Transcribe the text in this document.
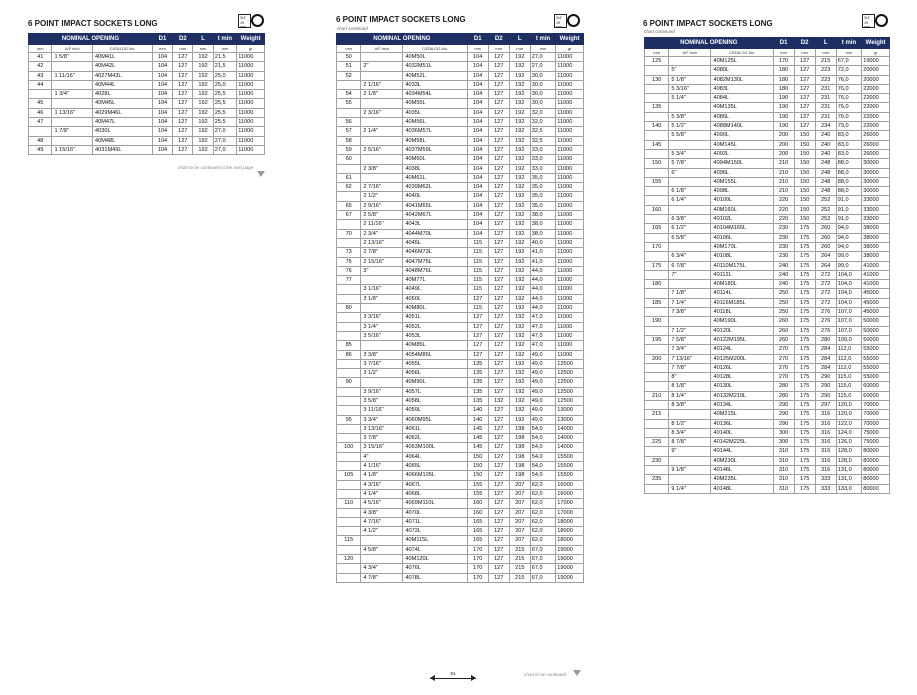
6 POINT IMPACT SOCKETS LONG
3/4"
19 mm
NOMINAL OPENING			D1	D2	L	t min	Weight
mm	A/F inch	CATALOG No.	mm	mm	mm	mm	gr
41	1 5/8"	40M41L	104	127	192	21,5	11000
42		40M42L	104	127	192	21,5	11000
43	1 11/16"	4027M43L	104	127	192	25,0	11000
44		40M44L	104	127	192	25,0	11000
	1 3/4"	4028L	104	127	192	25,5	11000
45		40M45L	104	127	192	25,5	11000
46	1 13/16"	4029M46L	104	127	192	25,5	11000
47		40M47L	104	127	192	25,5	11000
	1 7/8"	4030L	104	127	192	27,0	11000
48		40M48L	104	127	192	27,0	11000
49	1 15/16"	4031M49L	104	127	192	27,0	11000
chart to be continued in the next page
6 POINT IMPACT SOCKETS LONG
chart continued
3/4"
19 mm
NOMINAL OPENING			D1	D2	L	t min	Weight
mm	A/F inch	CATALOG No.	mm	mm	mm	mm	gr
50		40M50L	104	127	192	27,0	11000
51	2"	4032M51L	104	127	192	27,0	11000
52		40M52L	104	127	192	30,0	11000
	2 1/16"	4033L	104	127	192	30,0	11000
54	2 1/8"	4034M54L	104	127	192	30,0	11000
55		40M55L	104	127	192	30,0	11000
	2 3/16"	4035L	104	127	192	32,0	11000
56		40M56L	104	127	192	32,0	11000
57	2 1/4"	4036M57L	104	127	192	32,5	11000
58		40M58L	104	127	192	32,5	11000
59	2 5/16"	4037M59L	104	127	192	33,0	11000
60		40M60L	104	127	192	33,0	11000
	2 3/8"	4038L	104	127	192	33,0	11000
61		40M61L	104	127	192	35,0	11000
62	2 7/16"	4039M62L	104	127	192	35,0	11000
	2 1/2"	4040L	104	127	192	35,0	11000
65	2 9/16"	4041M65L	104	127	192	35,0	11000
67	2 5/8"	4042M67L	104	127	192	38,0	11000
	2 11/16"	4043L	104	127	192	38,0	11000
70	2 3/4"	4044M70L	104	127	192	38,0	11000
	2 13/16"	4045L	115	127	192	40,0	11000
73	2 7/8"	4046M73L	115	127	192	41,0	11000
75	2 15/16"	4047M75L	115	127	192	41,0	11000
76	3"	4048M76L	115	127	192	44,0	11000
77		40M77L	115	127	192	44,0	11000
	3 1/16"	4049L	115	127	192	44,0	11000
	3 1/8"	4050L	127	127	192	44,0	11000
80		40M80L	115	127	192	44,0	11000
	3 3/16"	4051L	127	127	192	47,0	11000
	3 1/4"	4052L	127	127	192	47,0	11000
	3 5/16"	4053L	127	127	192	47,0	11000
85		40M85L	127	127	192	47,0	11000
86	3 3/8"	4054M86L	127	127	192	49,0	11000
	3 7/16"	4055L	135	127	192	49,0	12500
	3 1/2"	4056L	135	127	192	49,0	12500
90		40M90L	135	127	192	49,0	12500
	3 9/16"	4057L	135	127	192	49,0	12500
	3 5/8"	4058L	135	132	192	49,0	12500
	3 11/16"	4059L	140	127	192	49,0	13000
95	3 3/4"	4060M95L	140	127	192	49,0	13000
	3 13/16"	4061L	145	127	198	54,0	14000
	3 7/8"	4062L	145	127	198	54,0	14000
100	3 15/16"	4063M100L	145	127	198	54,0	14000
	4"	4064L	150	127	198	54,0	15500
	4 1/16"	4065L	150	127	198	54,0	15500
105	4 1/8"	4066M105L	150	127	198	54,0	15500
	4 3/16"	4067L	155	127	207	62,0	16000
	4 1/4"	4068L	155	127	207	62,0	16000
110	4 5/16"	4069M110L	160	127	207	62,0	17000
	4 3/8"	4070L	160	127	207	62,0	17000
	4 7/16"	4071L	165	127	207	62,0	18000
	4 1/2"	4072L	165	127	207	62,0	18000
115		40M115L	165	127	207	62,0	18000
	4 5/8"	4074L	170	127	215	67,0	19000
120		40M120L	170	127	215	67,0	19000
	4 3/4"	4076L	170	127	215	67,0	19000
	4 7/8"	4078L	170	127	215	67,0	19000
91	chart to be continued
6 POINT IMPACT SOCKETS LONG
chart continued
3/4"
19 mm
NOMINAL OPENING			D1	D2	L	t min	Weight
mm	A/F inch	CATALOG No.	mm	mm	mm	mm	gr
125		40M125L	170	127	215	67,0	19000
	5"	4080L	180	127	223	72,0	20000
130	5 1/8"	4082M130L	180	127	223	76,0	20000
	5 3/16"	4083L	180	127	231	76,0	22000
	5 1/4"	4084L	190	127	231	76,0	22000
135		40M135L	190	127	231	76,0	22000
	5 3/8"	4086L	190	127	231	76,0	22000
140	5 1/2"	4088M140L	190	127	234	79,0	22000
	5 5/8"	4090L	200	150	240	83,0	26000
145		40M145L	200	150	240	83,0	26000
	5 3/4"	4092L	200	150	240	83,0	26000
150	5 7/8"	4094M150L	210	150	248	88,0	30000
	6"	4096L	210	150	248	88,0	30000
155		40M155L	210	150	248	88,0	30000
	6 1/8"	4098L	210	150	248	88,0	30000
	6 1/4"	40100L	220	150	252	91,0	33000
160		40M160L	220	150	252	91,0	33000
	6 3/8"	40102L	220	150	252	91,0	33000
165	6 1/2"	40104M165L	230	175	260	94,0	38000
	6 5/8"	40106L	230	175	260	94,0	38000
170		40M170L	230	175	260	94,0	38000
	6 3/4"	40108L	230	175	264	99,0	38000
175	6 7/8"	40110M175L	240	175	264	99,0	41000
	7"	40112L	240	175	272	104,0	41000
180		40M180L	240	175	272	104,0	41000
	7 1/8"	40114L	250	175	272	104,0	45000
185	7 1/4"	40116M185L	250	175	272	104,0	45000
	7 3/8"	40118L	250	175	276	107,0	45000
190		40M190L	260	175	276	107,0	50000
	7 1/2"	40120L	260	175	276	107,0	50000
195	7 5/8"	40122M195L	260	175	280	109,0	50000
	7 3/4"	40124L	270	175	284	112,0	55000
200	7 13/16"	40125M200L	270	175	284	112,0	55000
	7 7/8"	40126L	270	175	284	112,0	55000
	8"	40128L	270	175	290	115,0	55000
	8 1/8"	40130L	280	175	290	115,0	60000
210	8 1/4"	40132M210L	280	175	290	115,0	60000
	8 3/8"	40134L	290	175	297	120,0	70000
215		40M215L	290	175	316	120,0	70000
	8 1/2"	40136L	290	175	316	122,0	70000
	8 3/4"	40140L	300	175	316	124,0	75000
225	8 7/8"	40142M225L	300	175	316	126,0	75000
	9"	40144L	310	175	316	128,0	80000
230		40M230L	310	175	316	128,0	80000
	9 1/8"	40146L	310	175	316	131,0	80000
235		40M235L	310	175	333	131,0	80000
	9 1/4"	40148L	310	175	333	133,0	80000
